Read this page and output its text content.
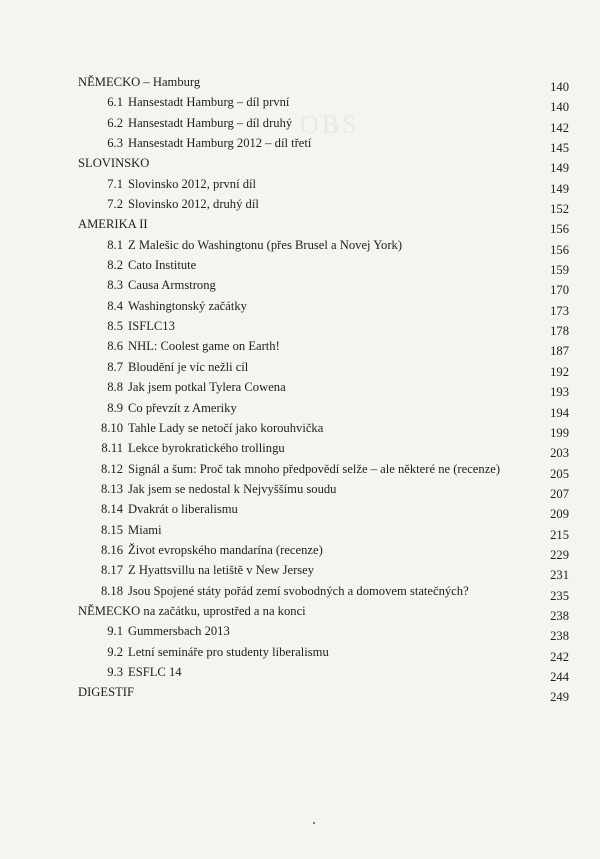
OBS
NĚMECKO – Hamburg	140
6.1 Hansestadt Hamburg – díl první	140
6.2 Hansestadt Hamburg – díl druhý	142
6.3 Hansestadt Hamburg 2012 – díl třetí	145
SLOVINSKO	149
7.1 Slovinsko 2012, první díl	149
7.2 Slovinsko 2012, druhý díl	152
AMERIKA II	156
8.1 Z Malešic do Washingtonu (přes Brusel a Novej York)	156
8.2 Cato Institute	159
8.3 Causa Armstrong	170
8.4 Washingtonský začátky	173
8.5 ISFLC13	178
8.6 NHL: Coolest game on Earth!	187
8.7 Bloudění je víc nežli cíl	192
8.8 Jak jsem potkal Tylera Cowena	193
8.9 Co převzít z Ameriky	194
8.10 Tahle Lady se netočí jako korouhvička	199
8.11 Lekce byrokratického trollingu	203
8.12 Signál a šum: Proč tak mnoho předpovědí selže – ale některé ne (recenze)	205
8.13 Jak jsem se nedostal k Nejvyššímu soudu	207
8.14 Dvakrát o liberalismu	209
8.15 Miami	215
8.16 Život evropského mandarína (recenze)	229
8.17 Z Hyattsvillu na letiště v New Jersey	231
8.18 Jsou Spojené státy pořád zemí svobodných a domovem statečných?	235
NĚMECKO na začátku, uprostřed a na konci	238
9.1 Gummersbach 2013	238
9.2 Letní semináře pro studenty liberalismu	242
9.3 ESFLC 14	244
DIGESTIF	249
